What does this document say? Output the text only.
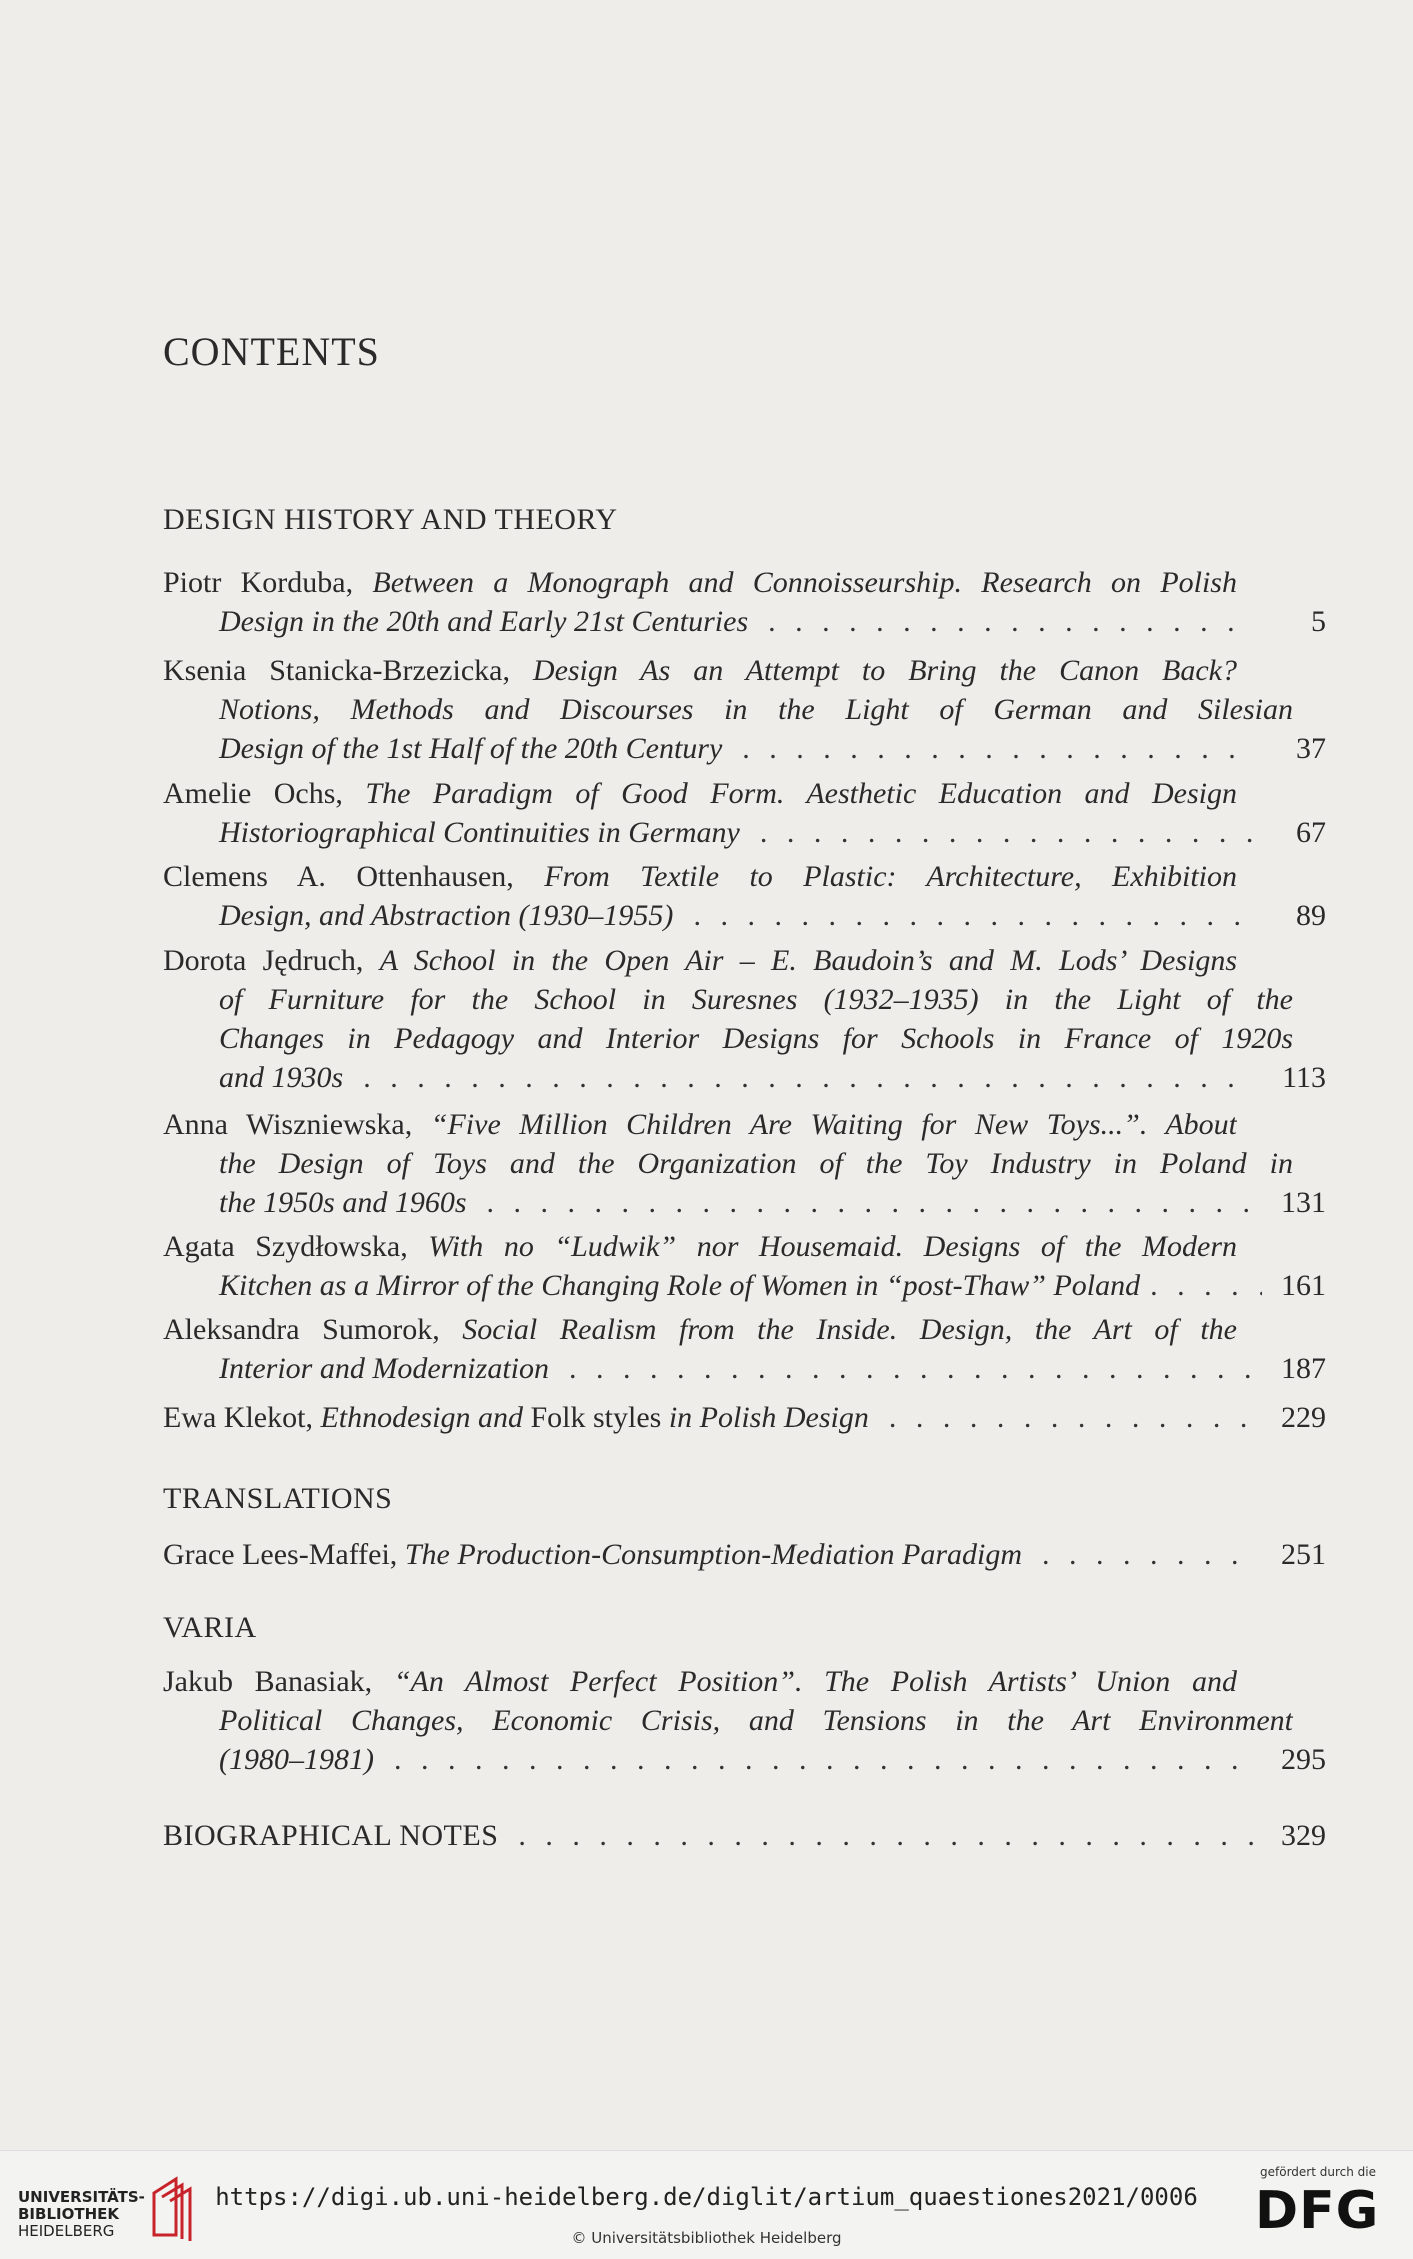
CONTENTS
DESIGN HISTORY AND THEORY
Piotr Korduba, Between a Monograph and Connoisseurship. Research on Polish
Design in the 20th and Early 21st Centuries . . .	5
Ksenia Stanicka-Brzezicka, Design As an Attempt to Bring the Canon Back?
Notions, Methods and Discourses in the Light of German and Silesian
Design of the 1st Half of the 20th Century . . .	37
Amelie Ochs, The Paradigm of Good Form. Aesthetic Education and Design
Historiographical Continuities in Germany . . .	67
Clemens A. Ottenhausen, From Textile to Plastic: Architecture, Exhibition
Design, and Abstraction (1930–1955) . . .	89
Dorota Jędruch, A School in the Open Air – E. Baudoin’s and M. Lods’ Designs
of Furniture for the School in Suresnes (1932–1935) in the Light of the
Changes in Pedagogy and Interior Designs for Schools in France of 1920s
and 1930s . . .	113
Anna Wiszniewska, “Five Million Children Are Waiting for New Toys...”. About
the Design of Toys and the Organization of the Toy Industry in Poland in
the 1950s and 1960s . . .	131
Agata Szydłowska, With no “Ludwik” nor Housemaid. Designs of the Modern
Kitchen as a Mirror of the Changing Role of Women in “post-Thaw” Poland . . .	161
Aleksandra Sumorok, Social Realism from the Inside. Design, the Art of the
Interior and Modernization . . .	187
Ewa Klekot, Ethnodesign and Folk styles in Polish Design . . .	229
TRANSLATIONS
Grace Lees-Maffei, The Production-Consumption-Mediation Paradigm . . .	251
VARIA
Jakub Banasiak, “An Almost Perfect Position”. The Polish Artists’ Union and
Political Changes, Economic Crisis, and Tensions in the Art Environment
(1980–1981) . . .	295
BIOGRAPHICAL NOTES . . .	329
UNIVERSITÄTS-
BIBLIOTHEK
HEIDELBERG
https://digi.ub.uni-heidelberg.de/diglit/artium_quaestiones2021/0006
© Universitätsbibliothek Heidelberg
gefördert durch die
DFG
